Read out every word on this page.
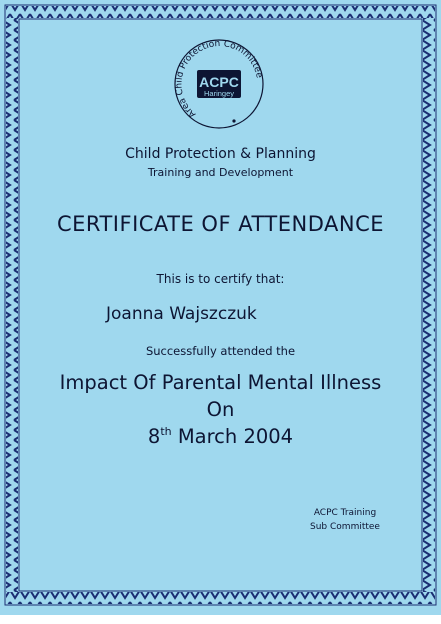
Area Child Protection Committee
ACPC
Haringey
Child Protection & Planning
Training and Development
CERTIFICATE OF ATTENDANCE
This is to certify that:
Joanna Wajszczuk
Successfully attended the
Impact Of Parental Mental Illness
On
8th March 2004
ACPC Training
Sub Committee
